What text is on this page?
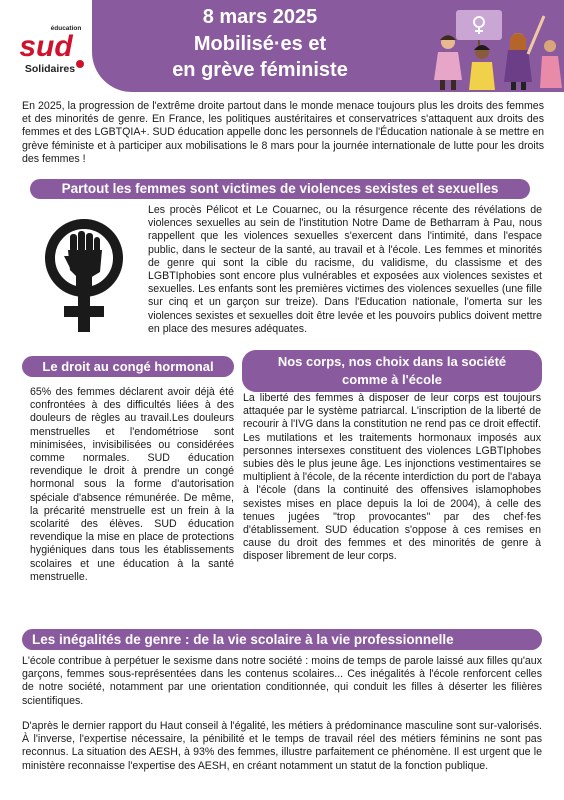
éducation
sud
Solidaires
8 mars 2025
Mobilisé·es et
en grève féministe
En 2025, la progression de l'extrême droite partout dans le monde menace toujours plus les droits des femmes et des minorités de genre. En France, les politiques austéritaires et conservatrices s'attaquent aux droits des femmes et des LGBTQIA+. SUD éducation appelle donc les personnels de l'Éducation nationale à se mettre en grève féministe et à participer aux mobilisations le 8 mars pour la journée internationale de lutte pour les droits des femmes !
Partout les femmes sont victimes de violences sexistes et sexuelles
Les procès Pélicot et Le Couarnec, ou la résurgence récente des révélations de violences sexuelles au sein de l'institution Notre Dame de Betharram à Pau, nous rappellent que les violences sexuelles s'exercent dans l'intimité, dans l'espace public, dans le secteur de la santé, au travail et à l'école. Les femmes et minorités de genre qui sont la cible du racisme, du validisme, du classisme et des LGBTIphobies sont encore plus vulnérables et exposées aux violences sexistes et sexuelles. Les enfants sont les premières victimes des violences sexuelles (une fille sur cinq et un garçon sur treize). Dans l'Education nationale, l'omerta sur les violences sexistes et sexuelles doit être levée et les pouvoirs publics doivent mettre en place des mesures adéquates.
Le droit au congé hormonal
65% des femmes déclarent avoir déjà été confrontées à des difficultés liées à des douleurs de règles au travail.Les douleurs menstruelles et l'endométriose sont minimisées, invisibilisées ou considérées comme normales. SUD éducation revendique le droit à prendre un congé hormonal sous la forme d'autorisation spéciale d'absence rémunérée. De même, la précarité menstruelle est un frein à la scolarité des élèves. SUD éducation revendique la mise en place de protections hygiéniques dans tous les établissements scolaires et une éducation à la santé menstruelle.
Nos corps, nos choix dans la société
comme à l'école
La liberté des femmes à disposer de leur corps est toujours attaquée par le système patriarcal. L'inscription de la liberté de recourir à l'IVG dans la constitution ne rend pas ce droit effectif. Les mutilations et les traitements hormonaux imposés aux personnes intersexes constituent des violences LGBTIphobes subies dès le plus jeune âge. Les injonctions vestimentaires se multiplient à l'école, de la récente interdiction du port de l'abaya à l'école (dans la continuité des offensives islamophobes sexistes mises en place depuis la loi de 2004), à celle des tenues jugées "trop provocantes" par des chef·fes d'établissement. SUD éducation s'oppose à ces remises en cause du droit des femmes et des minorités de genre à disposer librement de leur corps.
Les inégalités de genre : de la vie scolaire à la vie professionnelle
L'école contribue à perpétuer le sexisme dans notre société : moins de temps de parole laissé aux filles qu'aux garçons, femmes sous-représentées dans les contenus scolaires... Ces inégalités à l'école renforcent celles de notre société, notamment par une orientation conditionnée, qui conduit les filles à déserter les filières scientifiques.
D'après le dernier rapport du Haut conseil à l'égalité, les métiers à prédominance masculine sont sur-valorisés. À l'inverse, l'expertise nécessaire, la pénibilité et le temps de travail réel des métiers féminins ne sont pas reconnus. La situation des AESH, à 93% des femmes, illustre parfaitement ce phénomène. Il est urgent que le ministère reconnaisse l'expertise des AESH, en créant notamment un statut de la fonction publique.
